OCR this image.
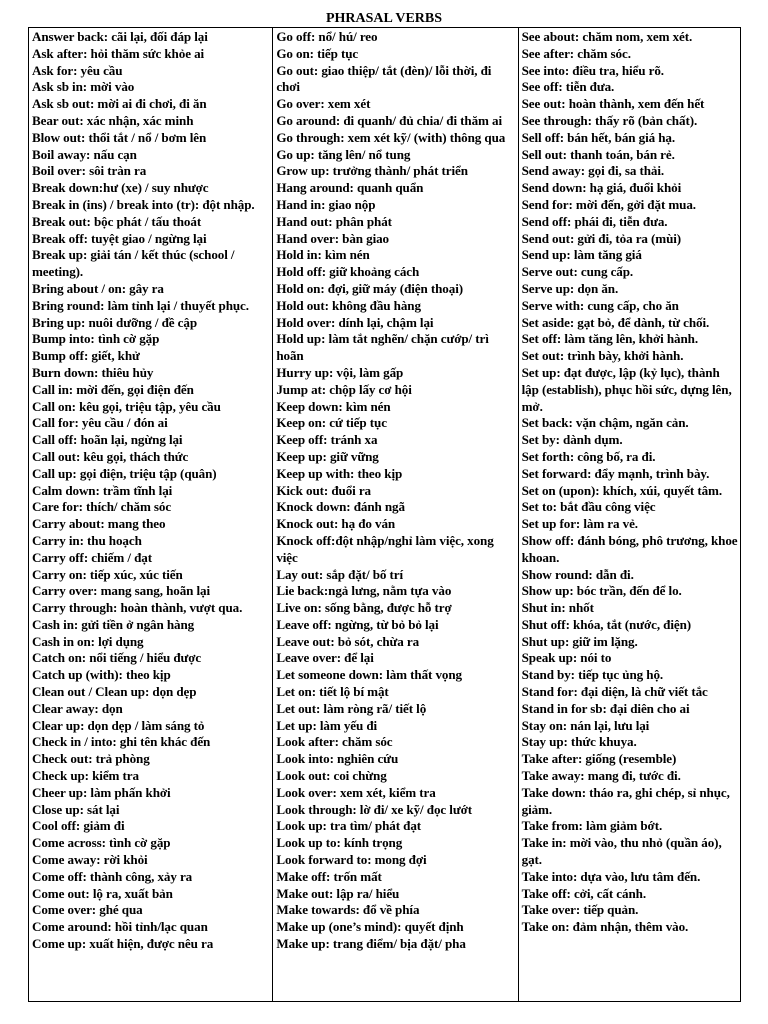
PHRASAL VERBS
Answer back: cãi lại, đối đáp lại
Ask after: hỏi thăm sức khỏe ai
Ask for: yêu cầu
Ask sb in: mời vào
Ask sb out: mời ai đi chơi, đi ăn
Bear out: xác nhận, xác minh
Blow out: thổi tắt / nổ / bơm lên
Boil away: nấu cạn
Boil over: sôi tràn ra
Break down:hư (xe) / suy nhược
Break in (ins) / break into (tr): đột nhập.
Break out: bộc phát / tấu thoát
Break off: tuyệt giao / ngừng lại
Break up: giải tán / kết thúc (school / meeting).
Bring about / on: gây ra
Bring round: làm tỉnh lại / thuyết phục.
Bring up: nuôi dưỡng / đề cập
Bump into: tình cờ gặp
Bump off: giết, khử
Burn down: thiêu hủy
Call in: mời đến, gọi điện đến
Call on: kêu gọi, triệu tập, yêu cầu
Call for: yêu cầu / đón ai
Call off: hoãn lại, ngừng lại
Call out: kêu gọi, thách thức
Call up: gọi điện, triệu tập (quân)
Calm down: trầm tĩnh lại
Care for: thích/ chăm sóc
Carry about: mang theo
Carry in: thu hoạch
Carry off: chiếm / đạt
Carry on: tiếp xúc, xúc tiến
Carry over: mang sang, hoãn lại
Carry through: hoàn thành, vượt qua.
Cash in: gửi tiền ở ngân hàng
Cash in on: lợi dụng
Catch on: nổi tiếng / hiểu được
Catch up (with): theo kịp
Clean out / Clean up: dọn dẹp
Clear away: dọn
Clear up: dọn dẹp / làm sáng tỏ
Check in / into: ghi tên khác đến
Check out: trả phòng
Check up: kiểm tra
Cheer up: làm phấn khởi
Close up: sát lại
Cool off: giảm đi
Come across: tình cờ gặp
Come away: rời khỏi
Come off: thành công, xảy ra
Come out: lộ ra, xuất bản
Come over: ghé qua
Come around: hồi tỉnh/lạc quan
Come up: xuất hiện, được nêu ra
Go off: nổ/ hú/ reo
Go on: tiếp tục
Go out: giao thiệp/ tắt (đèn)/ lỗi thời, đi chơi
Go over: xem xét
Go around: đi quanh/ đủ chia/ đi thăm ai
Go through: xem xét kỹ/ (with) thông qua
Go up: tăng lên/ nổ tung
Grow up: trưởng thành/ phát triển
Hang around: quanh quẩn
Hand in: giao nộp
Hand out: phân phát
Hand over: bàn giao
Hold in: kìm nén
Hold off: giữ khoảng cách
Hold on: đợi, giữ máy (điện thoại)
Hold out: không đầu hàng
Hold over: dính lại, chậm lại
Hold up: làm tắt nghẽn/ chặn cướp/ trì hoãn
Hurry up: vội, làm gấp
Jump at: chộp lấy cơ hội
Keep down: kìm nén
Keep on: cứ tiếp tục
Keep off: tránh xa
Keep up: giữ vững
Keep up with: theo kịp
Kick out: đuổi ra
Knock down: đánh ngã
Knock out: hạ đo ván
Knock off:đột nhập/nghỉ làm việc, xong việc
Lay out: sắp đặt/ bố trí
Lie back:ngả lưng, nằm tựa vào
Live on: sống bằng, được hỗ trợ
Leave off: ngừng, từ bỏ bỏ lại
Leave out: bỏ sót, chừa ra
Leave over: để lại
Let someone down: làm thất vọng
Let on: tiết lộ bí mật
Let out: làm ròng rã/ tiết lộ
Let up: làm yếu đi
Look after: chăm sóc
Look into: nghiên cứu
Look out: coi chừng
Look over: xem xét, kiểm tra
Look through: lờ đi/ xe kỹ/ đọc lướt
Look up: tra tìm/ phát đạt
Look up to: kính trọng
Look forward to: mong đợi
Make off: trốn mất
Make out: lập ra/ hiểu
Make towards: đổ về phía
Make up (one’s mind): quyết định
Make up: trang điểm/ bịa đặt/ pha
See about: chăm nom, xem xét.
See after: chăm sóc.
See into: điều tra, hiểu rõ.
See off: tiễn đưa.
See out: hoàn thành, xem đến hết
See through: thấy rõ (bản chất).
Sell off: bán hết, bán giá hạ.
Sell out: thanh toán, bán rẻ.
Send away: gọi đi, sa thải.
Send down: hạ giá, đuổi khỏi
Send for: mời đến, gởi đặt mua.
Send off: phái đi, tiễn đưa.
Send out: gửi đi, tỏa ra (mùi)
Send up: làm tăng giá
Serve out: cung cấp.
Serve up: dọn ăn.
Serve with: cung cấp, cho ăn
Set aside: gạt bỏ, để dành, từ chối.
Set off: làm tăng lên, khởi hành.
Set out: trình bày, khởi hành.
Set up: đạt được, lập (kỷ lục), thành lập (establish), phục hồi sức, dựng lên, mở.
Set back: vặn chậm, ngăn cản.
Set by: dành dụm.
Set forth: công bố, ra đi.
Set forward: đẩy mạnh, trình bày.
Set on (upon): khích, xúi, quyết tâm.
Set to: bắt đầu công việc
Set up for: làm ra vẻ.
Show off: đánh bóng, phô trương, khoe khoan.
Show round: dẫn đi.
Show up: bóc trần, đến để lo.
Shut in: nhốt
Shut off: khóa, tắt (nước, điện)
Shut up: giữ im lặng.
Speak up: nói to
Stand by: tiếp tục ủng hộ.
Stand for: đại diện, là chữ viết tắc
Stand in for sb: đại diên cho ai
Stay on: nán lại, lưu lại
Stay up: thức khuya.
Take after: giống (resemble)
Take away: mang đi, tước đi.
Take down: tháo ra, ghi chép, sỉ nhục, giảm.
Take from: làm giảm bớt.
Take in: mời vào, thu nhỏ (quần áo), gạt.
Take into: dựa vào, lưu tâm đến.
Take off: cởi, cất cánh.
Take over: tiếp quản.
Take on: đảm nhận, thêm vào.
